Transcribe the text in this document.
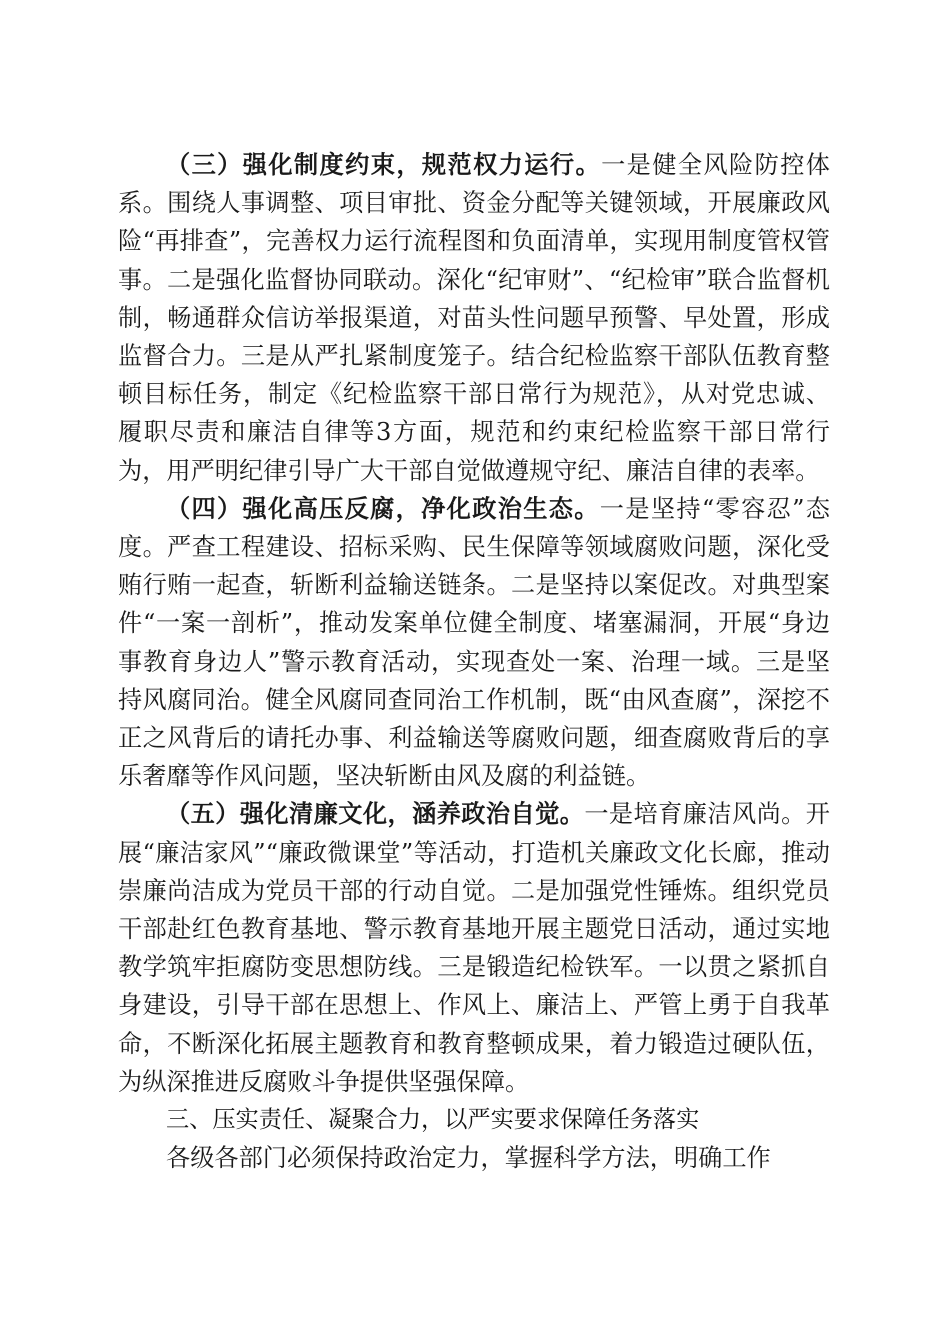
（三）强化制度约束，规范权力运行。一是健全风险防控体系。围绕人事调整、项目审批、资金分配等关键领域，开展廉政风险“再排查”，完善权力运行流程图和负面清单，实现用制度管权管事。二是强化监督协同联动。深化“纪审财”、“纪检审”联合监督机制，畅通群众信访举报渠道，对苗头性问题早预警、早处置，形成监督合力。三是从严扎紧制度笼子。结合纪检监察干部队伍教育整顿目标任务，制定《纪检监察干部日常行为规范》，从对党忠诚、履职尽责和廉洁自律等3方面，规范和约束纪检监察干部日常行为，用严明纪律引导广大干部自觉做遵规守纪、廉洁自律的表率。

（四）强化高压反腐，净化政治生态。一是坚持“零容忍”态度。严查工程建设、招标采购、民生保障等领域腐败问题，深化受贿行贿一起查，斩断利益输送链条。二是坚持以案促改。对典型案件“一案一剖析”，推动发案单位健全制度、堵塞漏洞，开展“身边事教育身边人”警示教育活动，实现查处一案、治理一域。三是坚持风腐同治。健全风腐同查同治工作机制，既“由风查腐”，深挖不正之风背后的请托办事、利益输送等腐败问题，细查腐败背后的享乐奢靡等作风问题，坚决斩断由风及腐的利益链。

（五）强化清廉文化，涵养政治自觉。一是培育廉洁风尚。开展“廉洁家风”“廉政微课堂”等活动，打造机关廉政文化长廊，推动崇廉尚洁成为党员干部的行动自觉。二是加强党性锤炼。组织党员干部赴红色教育基地、警示教育基地开展主题党日活动，通过实地教学筑牢拒腐防变思想防线。三是锻造纪检铁军。一以贯之紧抓自身建设，引导干部在思想上、作风上、廉洁上、严管上勇于自我革命，不断深化拓展主题教育和教育整顿成果，着力锻造过硬队伍，为纵深推进反腐败斗争提供坚强保障。

三、压实责任、凝聚合力，以严实要求保障任务落实

各级各部门必须保持政治定力，掌握科学方法，明确工作
